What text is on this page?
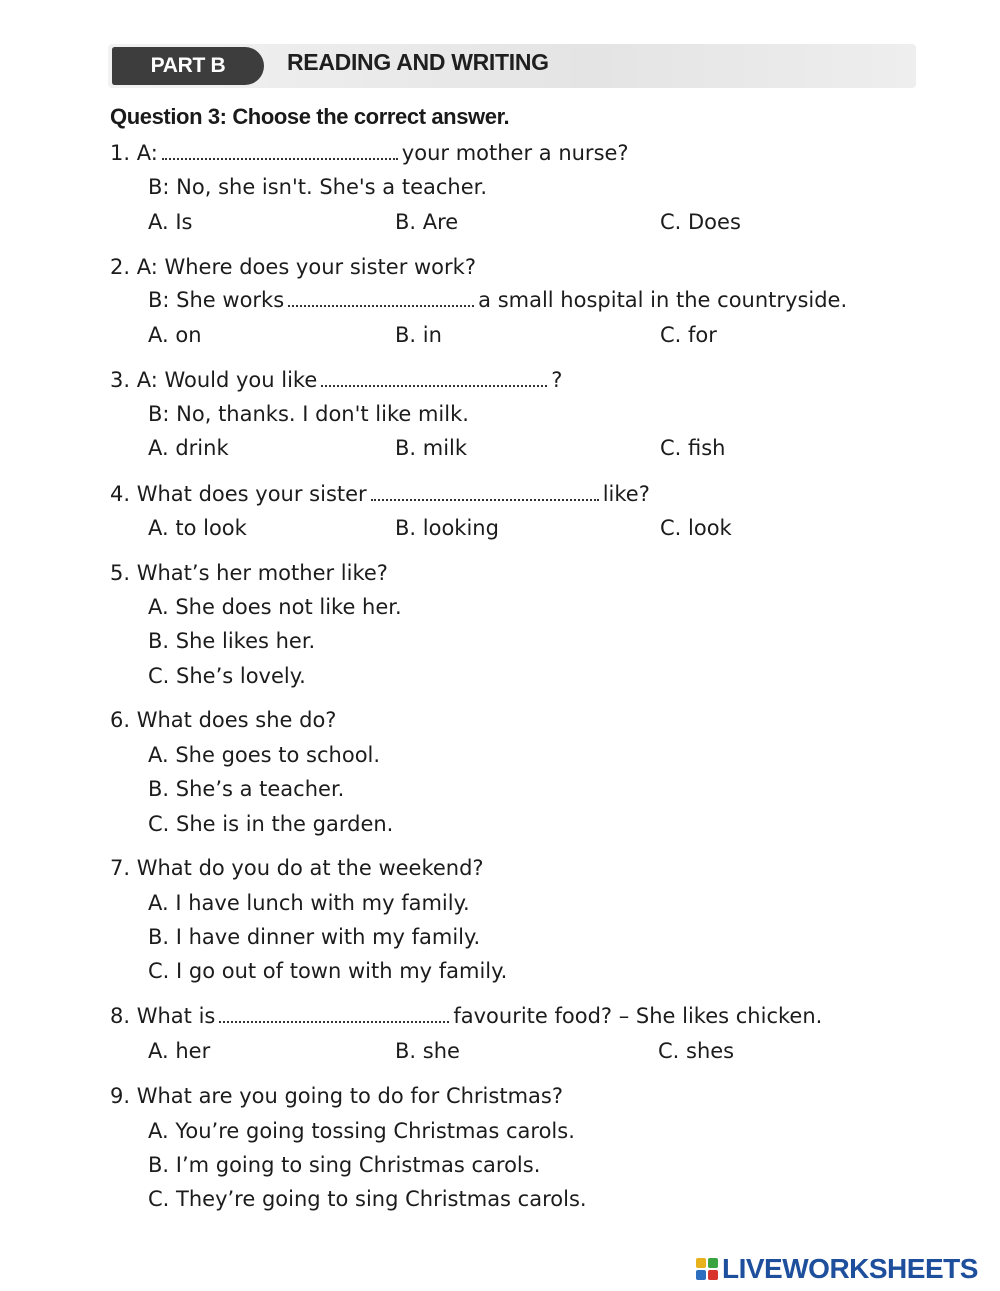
PART B	READING AND WRITING
Question 3: Choose the correct answer.
1. A:	your mother a nurse?
B: No, she isn't. She's a teacher.
A. Is	B. Are	C. Does
2. A: Where does your sister work?
B: She works	a small hospital in the countryside.
A. on	B. in	C. for
3. A: Would you like	?
B: No, thanks. I don't like milk.
A. drink	B. milk	C. fish
4. What does your sister	like?
A. to look	B. looking	C. look
5. What’s her mother like?
A. She does not like her.
B. She likes her.
C. She’s lovely.
6. What does she do?
A. She goes to school.
B. She’s a teacher.
C. She is in the garden.
7. What do you do at the weekend?
A. I have lunch with my family.
B. I have dinner with my family.
C. I go out of town with my family.
8. What is	favourite food? – She likes chicken.
A. her	B. she	C. shes
9. What are you going to do for Christmas?
A. You’re going tossing Christmas carols.
B. I’m going to sing Christmas carols.
C. They’re going to sing Christmas carols.
LIVEWORKSHEETS
